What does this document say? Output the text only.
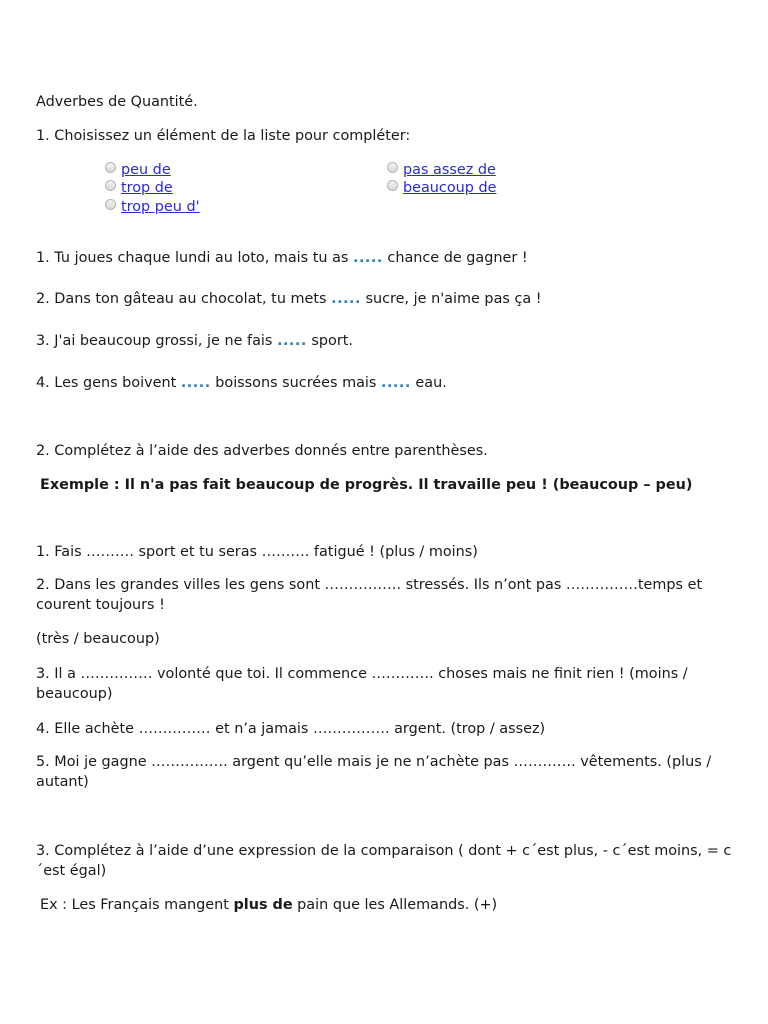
Adverbes de Quantité.
1. Choisissez un élément de la liste pour compléter:
peu de
trop de
trop peu d'
pas assez de
beaucoup de
1. Tu joues chaque lundi au loto, mais tu as ..... chance de gagner !
2. Dans ton gâteau au chocolat, tu mets ..... sucre, je n'aime pas ça !
3. J'ai beaucoup grossi, je ne fais ..... sport.
4. Les gens boivent ..... boissons sucrées mais ..... eau.
2. Complétez à l’aide des adverbes donnés entre parenthèses.
Exemple : Il n'a pas fait beaucoup de progrès. Il travaille peu ! (beaucoup – peu)
1. Fais ………. sport et tu seras ………. fatigué ! (plus / moins)
2. Dans les grandes villes les gens sont ……………. stressés. Ils n’ont pas ……………temps et courent toujours !
(très / beaucoup)
3. Il a …………… volonté que toi. Il commence …………. choses mais ne finit rien ! (moins / beaucoup)
4. Elle achète …………… et n’a jamais ……………. argent. (trop / assez)
5. Moi je gagne ……………. argent qu’elle mais je ne n’achète pas …………. vêtements. (plus / autant)
3. Complétez à l’aide d’une expression de la comparaison ( dont + c´est plus, - c´est moins, = c´est égal)
Ex : Les Français mangent plus de pain que les Allemands. (+)
